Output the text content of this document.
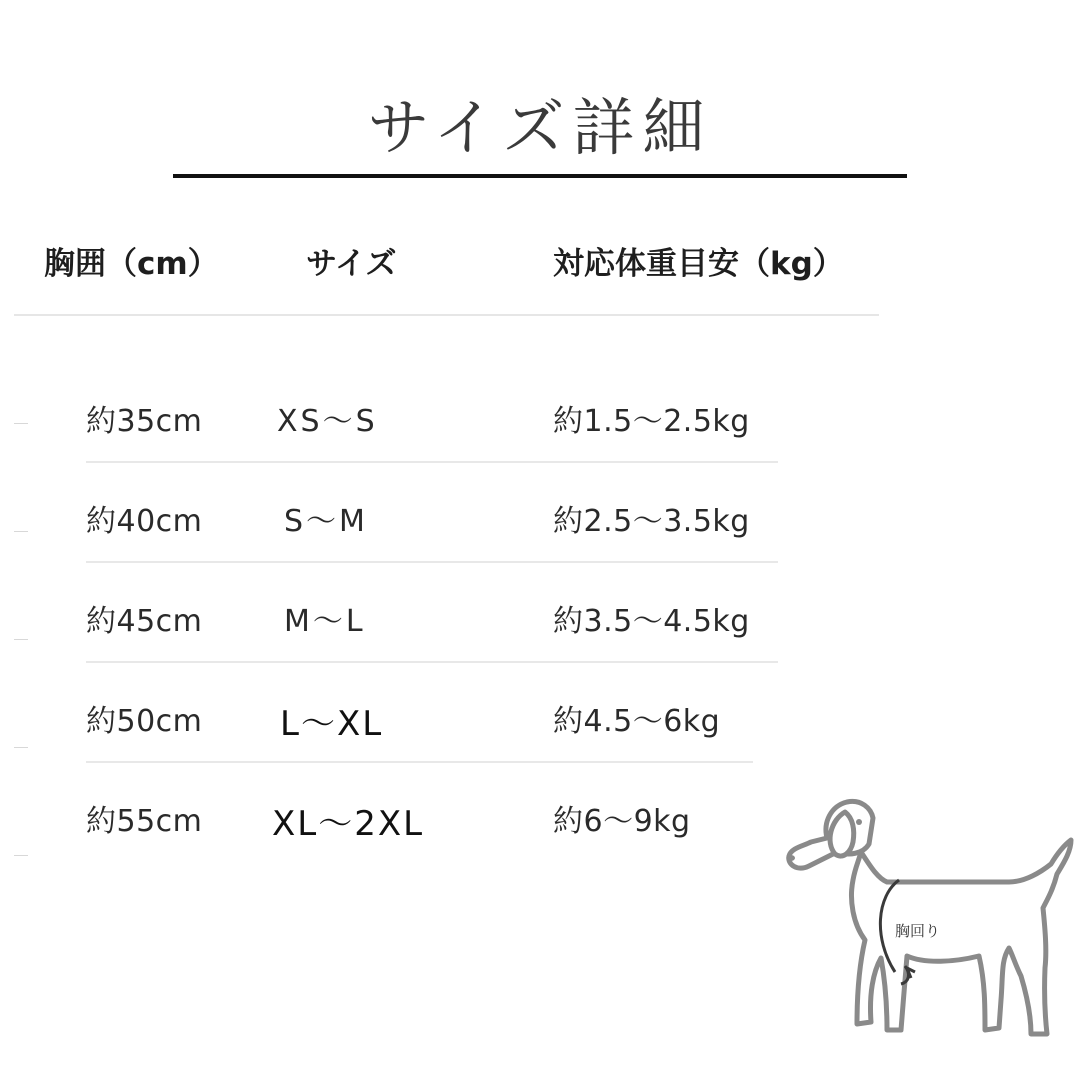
サイズ詳細
胸囲（cm）	サイズ	対応体重目安（kg）
約35cm XS〜S	約1.5〜2.5kg
約40cm	S〜M	約2.5〜3.5kg
約45cm	M〜L	約3.5〜4.5kg
約50cm L〜XL	約4.5〜6kg
約55cm XL〜2XL	約6〜9kg
胸回り
